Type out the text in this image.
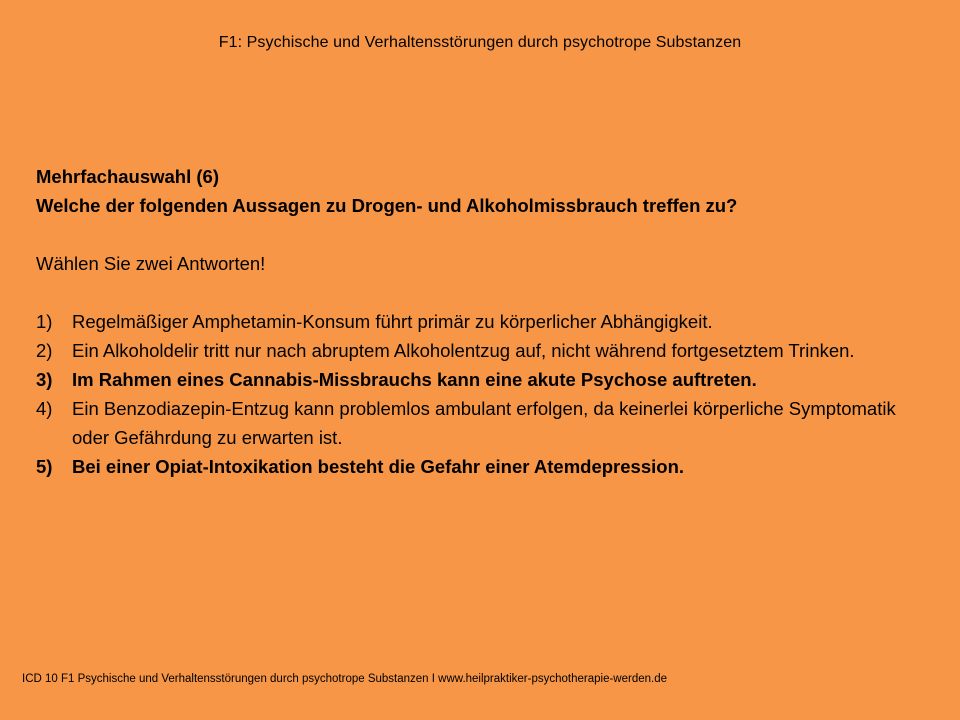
F1: Psychische und Verhaltensstörungen durch psychotrope Substanzen
Mehrfachauswahl (6)
Welche der folgenden Aussagen zu Drogen- und Alkoholmissbrauch treffen zu?
Wählen Sie zwei Antworten!
1)	Regelmäßiger Amphetamin-Konsum führt primär zu körperlicher Abhängigkeit.
2)	Ein Alkoholdelir tritt nur nach abruptem Alkoholentzug auf, nicht während fortgesetztem Trinken.
3)	Im Rahmen eines Cannabis-Missbrauchs kann eine akute Psychose auftreten.
4)	Ein Benzodiazepin-Entzug kann problemlos ambulant erfolgen, da keinerlei körperliche Symptomatik oder Gefährdung zu erwarten ist.
5)	Bei einer Opiat-Intoxikation besteht die Gefahr einer Atemdepression.
ICD 10 F1 Psychische und Verhaltensstörungen durch psychotrope Substanzen I www.heilpraktiker-psychotherapie-werden.de
